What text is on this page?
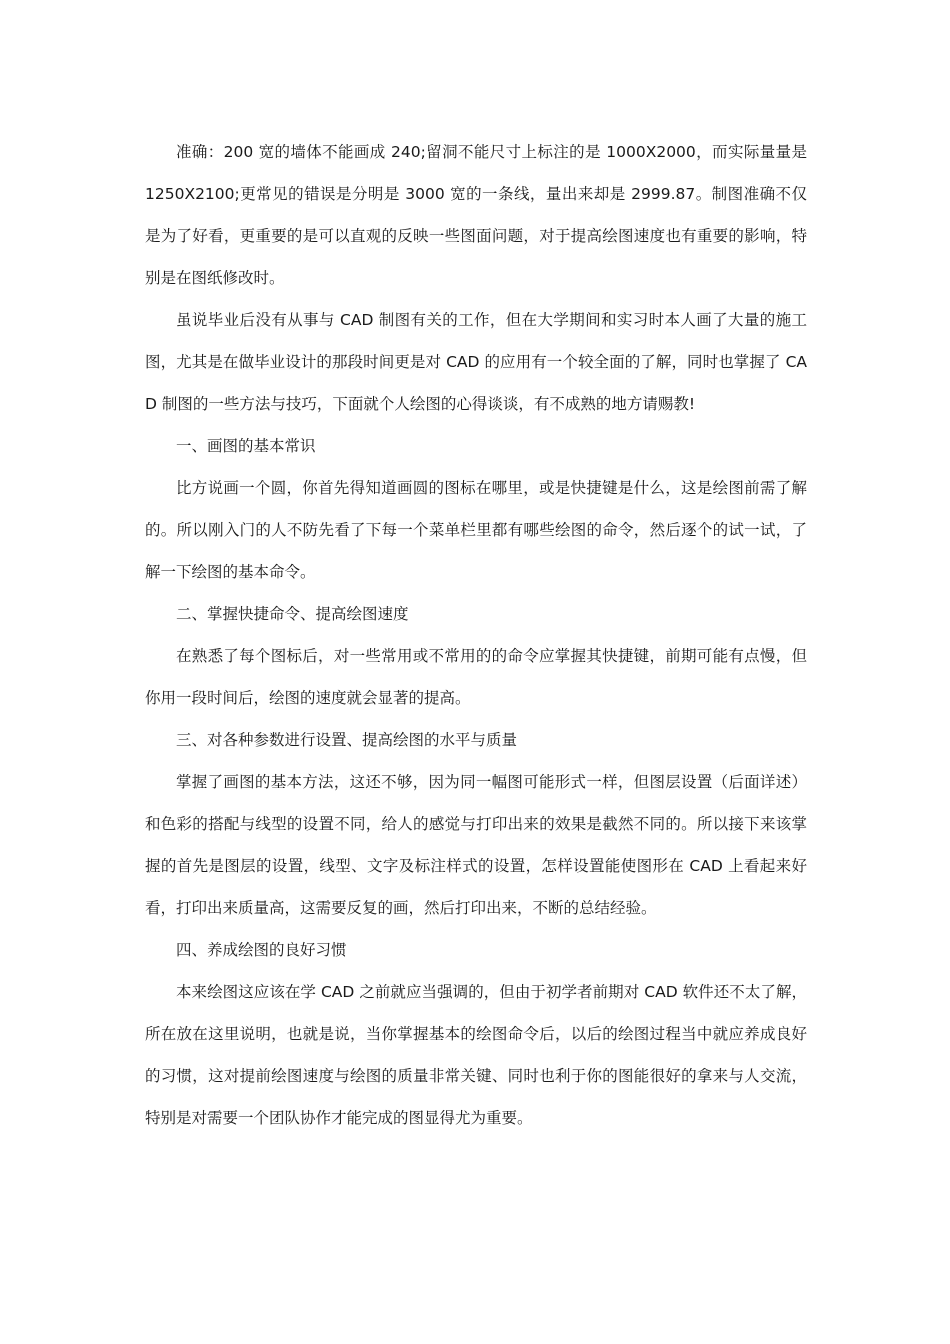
准确：200 宽的墙体不能画成 240;留洞不能尺寸上标注的是 1000X2000，而实际量量是 1250X2100;更常见的错误是分明是 3000 宽的一条线，量出来却是 2999.87。制图准确不仅是为了好看，更重要的是可以直观的反映一些图面问题，对于提高绘图速度也有重要的影响，特别是在图纸修改时。

虽说毕业后没有从事与 CAD 制图有关的工作，但在大学期间和实习时本人画了大量的施工图，尤其是在做毕业设计的那段时间更是对 CAD 的应用有一个较全面的了解，同时也掌握了 CAD 制图的一些方法与技巧，下面就个人绘图的心得谈谈，有不成熟的地方请赐教!

一、画图的基本常识

比方说画一个圆，你首先得知道画圆的图标在哪里，或是快捷键是什么，这是绘图前需了解的。所以刚入门的人不防先看了下每一个菜单栏里都有哪些绘图的命令，然后逐个的试一试，了解一下绘图的基本命令。

二、掌握快捷命令、提高绘图速度

在熟悉了每个图标后，对一些常用或不常用的的命令应掌握其快捷键，前期可能有点慢，但你用一段时间后，绘图的速度就会显著的提高。

三、对各种参数进行设置、提高绘图的水平与质量

掌握了画图的基本方法，这还不够，因为同一幅图可能形式一样，但图层设置（后面详述）和色彩的搭配与线型的设置不同，给人的感觉与打印出来的效果是截然不同的。所以接下来该掌握的首先是图层的设置，线型、文字及标注样式的设置，怎样设置能使图形在 CAD 上看起来好看，打印出来质量高，这需要反复的画，然后打印出来，不断的总结经验。

四、养成绘图的良好习惯

本来绘图这应该在学 CAD 之前就应当强调的，但由于初学者前期对 CAD 软件还不太了解，所在放在这里说明，也就是说，当你掌握基本的绘图命令后，以后的绘图过程当中就应养成良好的习惯，这对提前绘图速度与绘图的质量非常关键、同时也利于你的图能很好的拿来与人交流，特别是对需要一个团队协作才能完成的图显得尤为重要。
